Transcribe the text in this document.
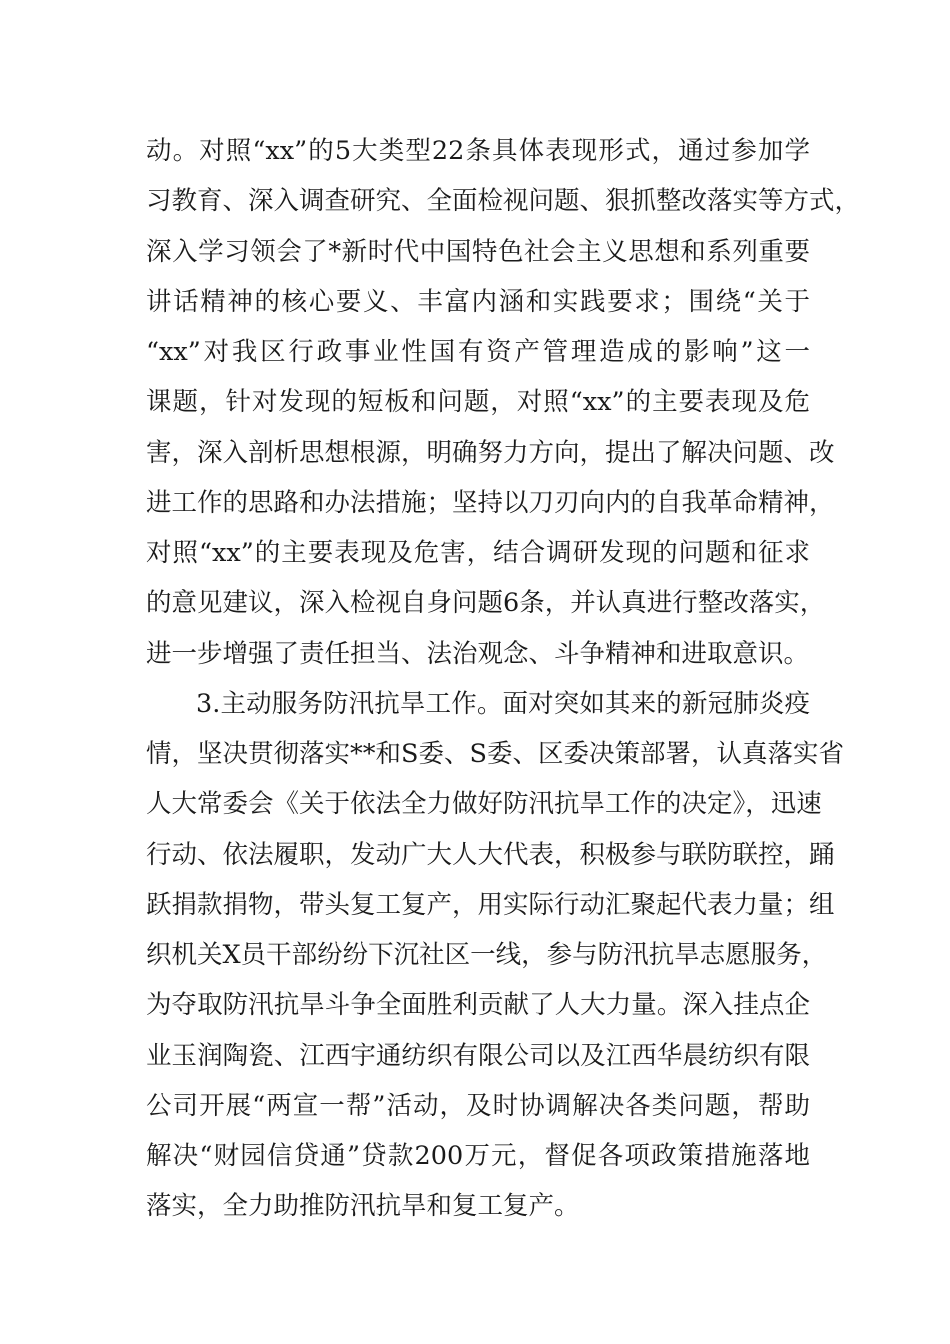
动。对照“xx”的5大类型22条具体表现形式，通过参加学
习教育、深入调查研究、全面检视问题、狠抓整改落实等方式，
深入学习领会了*新时代中国特色社会主义思想和系列重要
讲话精神的核心要义、丰富内涵和实践要求；围绕“关于
“xx”对我区行政事业性国有资产管理造成的影响”这一
课题，针对发现的短板和问题，对照“xx”的主要表现及危
害，深入剖析思想根源，明确努力方向，提出了解决问题、改
进工作的思路和办法措施；坚持以刀刃向内的自我革命精神，
对照“xx”的主要表现及危害，结合调研发现的问题和征求
的意见建议，深入检视自身问题6条，并认真进行整改落实，
进一步增强了责任担当、法治观念、斗争精神和进取意识。
3.主动服务防汛抗旱工作。面对突如其来的新冠肺炎疫
情，坚决贯彻落实**和S委、S委、区委决策部署，认真落实省
人大常委会《关于依法全力做好防汛抗旱工作的决定》，迅速
行动、依法履职，发动广大人大代表，积极参与联防联控，踊
跃捐款捐物，带头复工复产，用实际行动汇聚起代表力量；组
织机关X员干部纷纷下沉社区一线，参与防汛抗旱志愿服务，
为夺取防汛抗旱斗争全面胜利贡献了人大力量。深入挂点企
业玉润陶瓷、江西宇通纺织有限公司以及江西华晨纺织有限
公司开展“两宣一帮”活动，及时协调解决各类问题，帮助
解决“财园信贷通”贷款200万元，督促各项政策措施落地
落实，全力助推防汛抗旱和复工复产。
